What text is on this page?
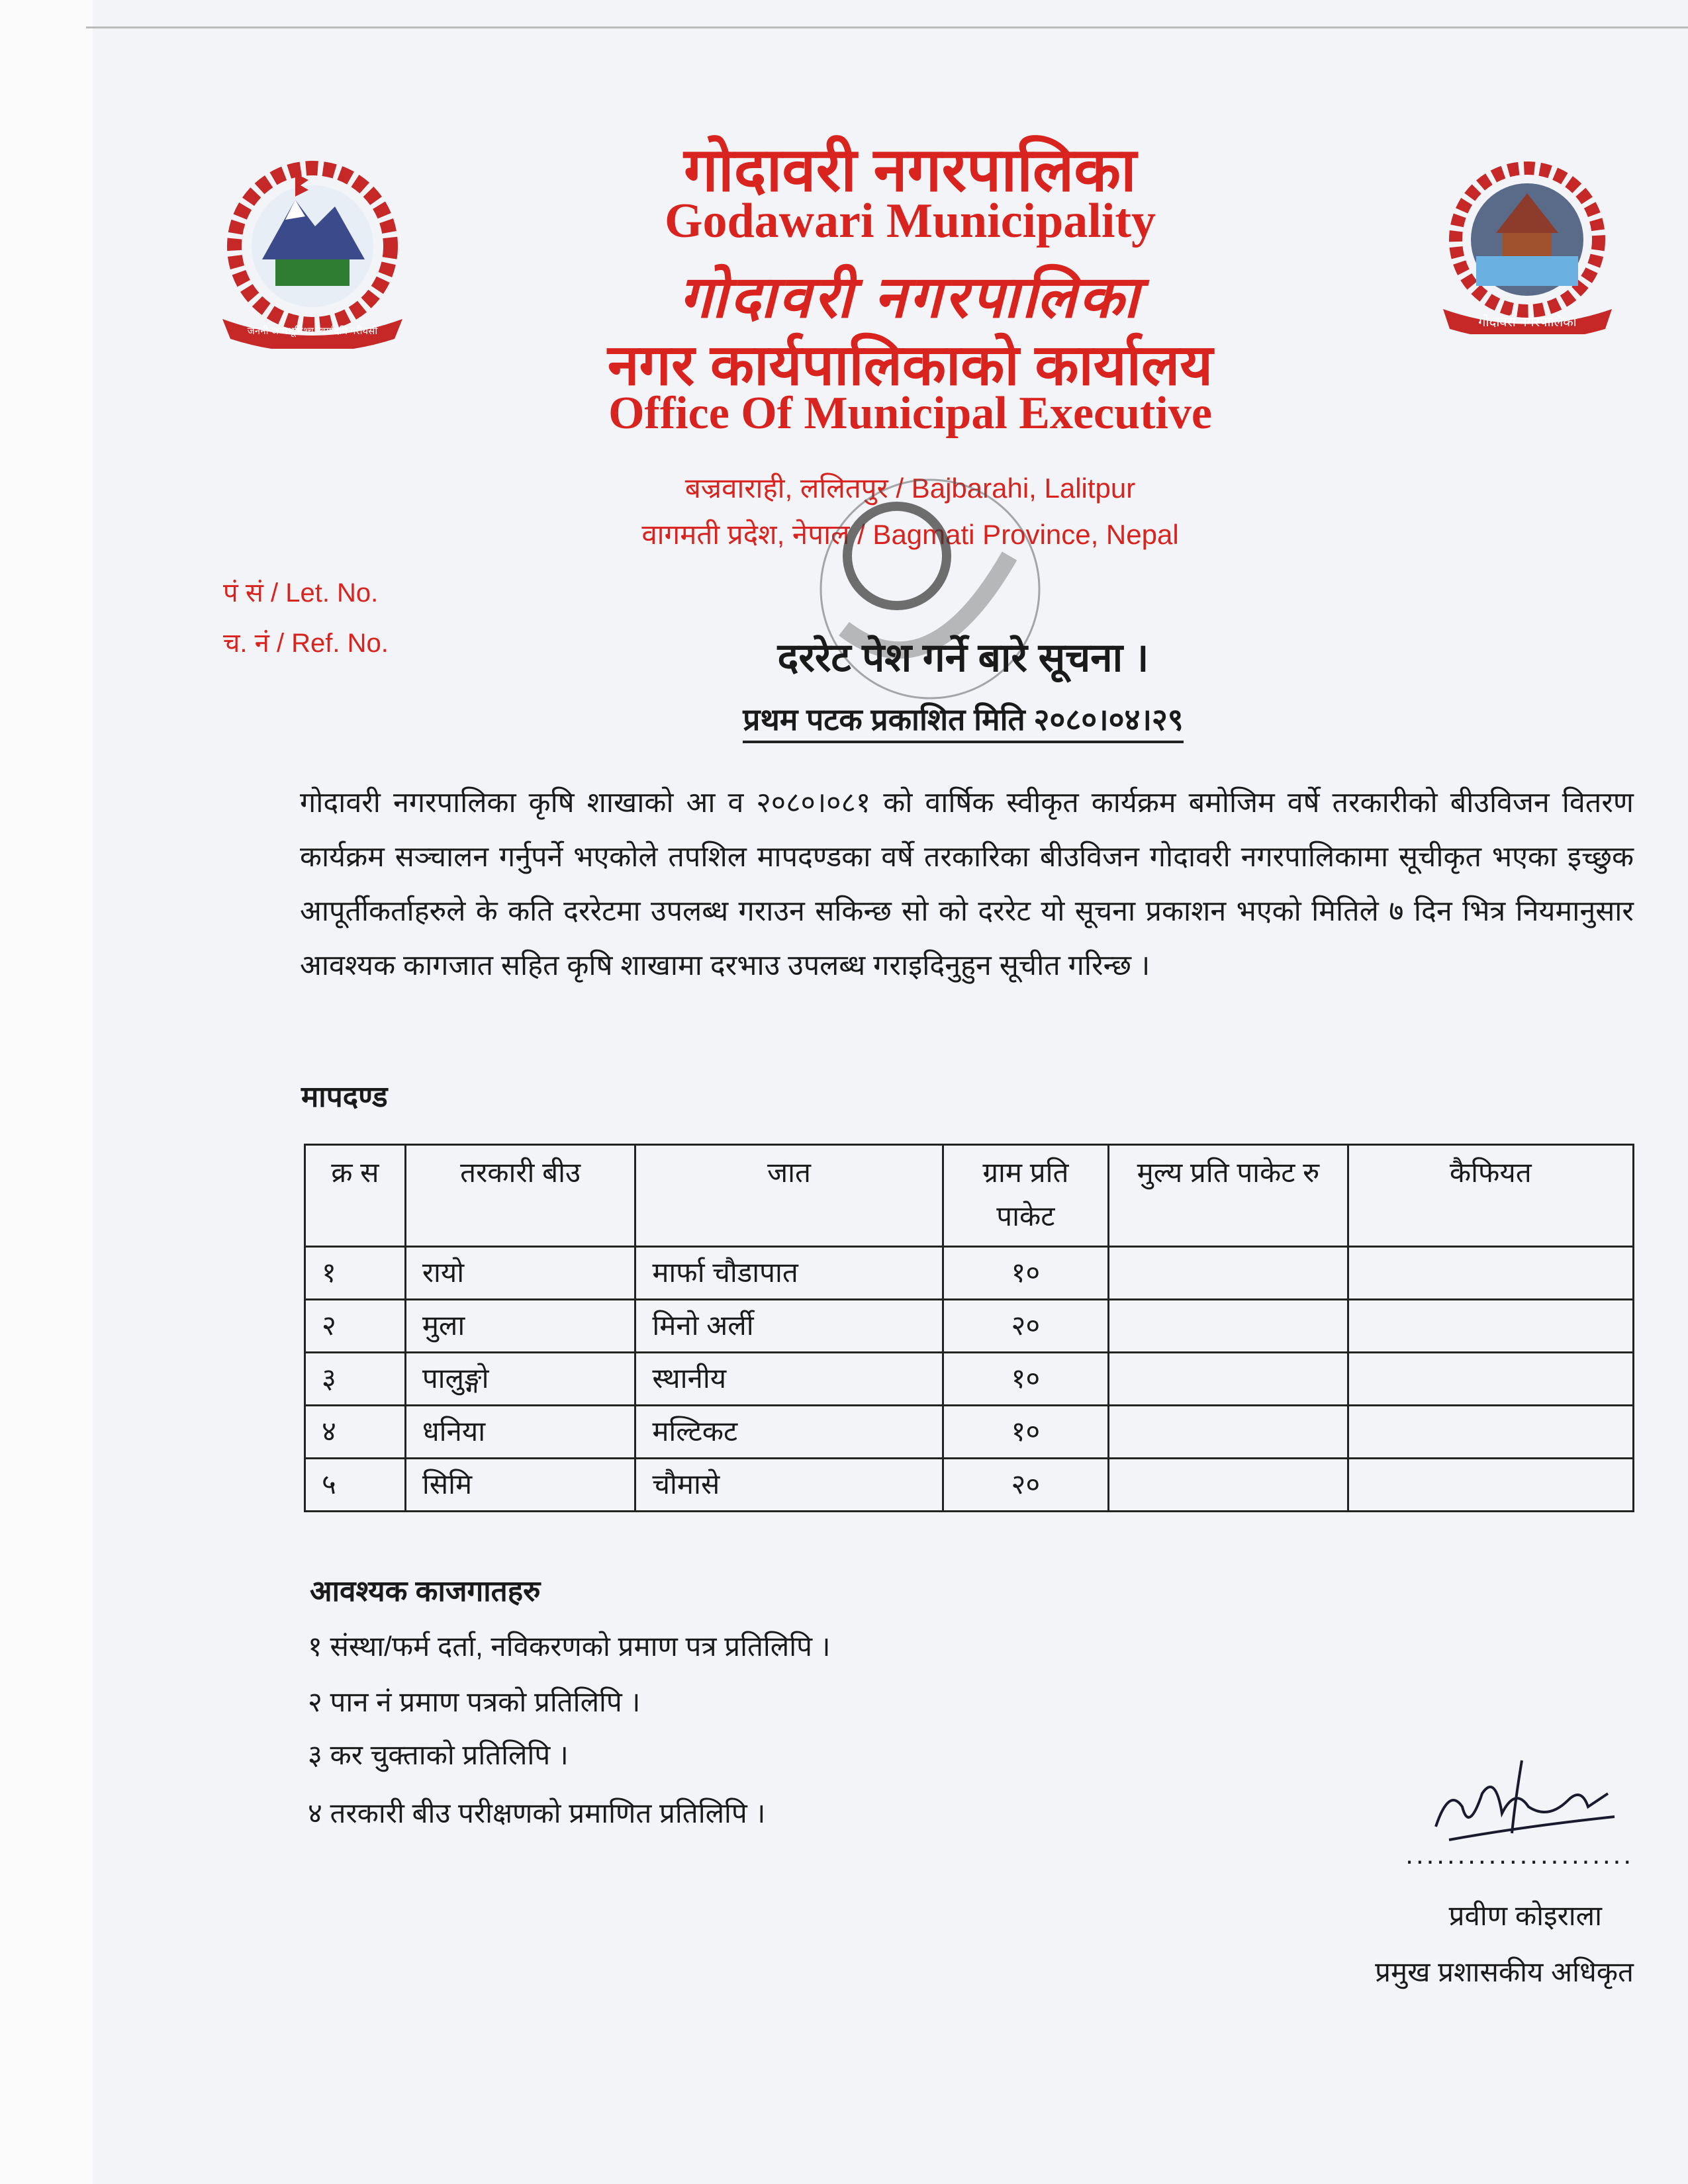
जननी जन्मभूमिश्च स्वर्गादपि गरीयसी
गोदावरी नगरपालिका
गोदावरी नगरपालिका
Godawari Municipality
गोदावरी नगरपालिका
नगर कार्यपालिकाको कार्यालय
Office Of Municipal Executive
बज्रवाराही, ललितपुर / Bajbarahi, Lalitpur
वागमती प्रदेश, नेपाल / Bagmati Province, Nepal
पं सं / Let. No.
च. नं / Ref. No.	दररेट पेश गर्ने बारे सूचना ।
प्रथम पटक प्रकाशित मिति २०८०।०४।२९
गोदावरी नगरपालिका कृषि शाखाको आ व २०८०।०८१ को वार्षिक स्वीकृत कार्यक्रम बमोजिम वर्षे तरकारीको बीउविजन वितरण कार्यक्रम सञ्चालन गर्नुपर्ने भएकोले तपशिल मापदण्डका वर्षे तरकारिका बीउविजन गोदावरी नगरपालिकामा सूचीकृत भएका इच्छुक आपूर्तीकर्ताहरुले के कति दररेटमा उपलब्ध गराउन सकिन्छ सो को दररेट यो सूचना प्रकाशन भएको मितिले ७ दिन भित्र नियमानुसार आवश्यक कागजात सहित कृषि शाखामा दरभाउ उपलब्ध गराइदिनुहुन सूचीत गरिन्छ ।
मापदण्ड
क्र स	तरकारी बीउ	जात	ग्राम प्रति पाकेट	मुल्य प्रति पाकेट रु	कैफियत
१	रायो	मार्फा चौडापात	१०		
२	मुला	मिनो अर्ली	२०		
३	पालुङ्गो	स्थानीय	१०		
४	धनिया	मल्टिकट	१०		
५	सिमि	चौमासे	२०		
आवश्यक काजगातहरु
१ संस्था/फर्म दर्ता, नविकरणको प्रमाण पत्र प्रतिलिपि ।
२ पान नं प्रमाण पत्रको प्रतिलिपि ।
३ कर चुक्ताको प्रतिलिपि ।
४ तरकारी बीउ परीक्षणको प्रमाणित प्रतिलिपि ।
......................
प्रवीण कोइराला
प्रमुख प्रशासकीय अधिकृत
